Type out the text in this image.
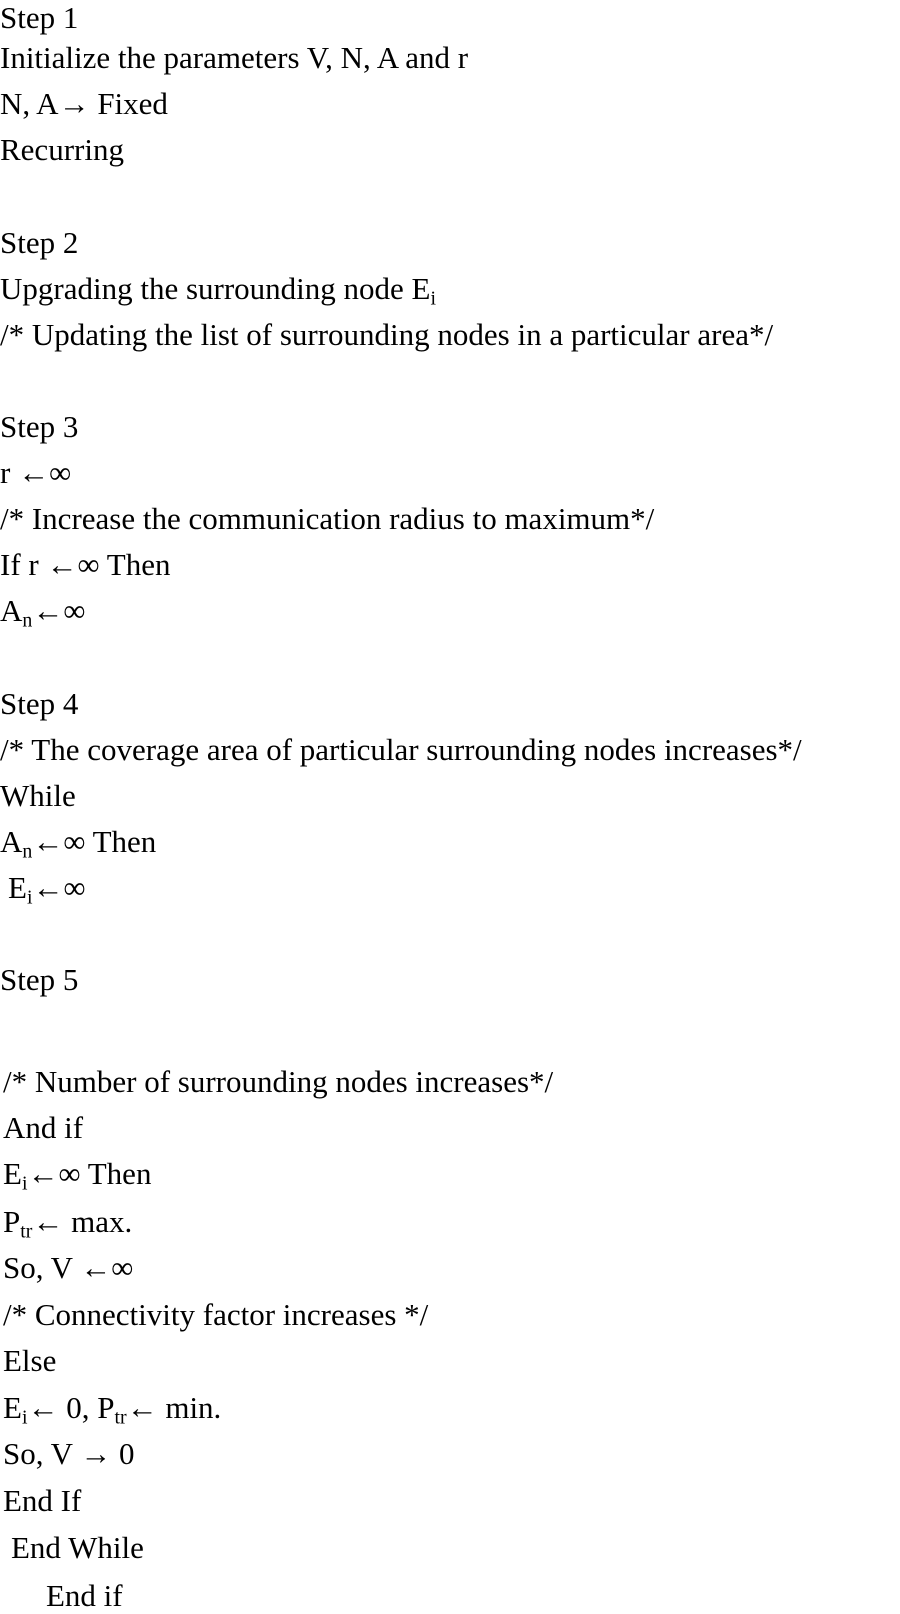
Step 1
Initialize the parameters V, N, A and r
N, A→ Fixed
Recurring
Step 2
Upgrading the surrounding node $E_i$
/* Updating the list of surrounding nodes in a particular area*/
Step 3
r ←∞
/* Increase the communication radius to maximum*/
If r ←∞ Then
$A_n\leftarrow\infty$
Step 4
/* The coverage area of particular surrounding nodes increases*/
While
$A_n\leftarrow\infty$ Then
$E_i\leftarrow\infty$
Step 5
/* Number of surrounding nodes increases*/
And if
$E_i\leftarrow\infty$ Then
$P_{tr}\leftarrow$ max.
So, V ←∞
/* Connectivity factor increases */
Else
$E_i\leftarrow$ 0, $P_{tr}\leftarrow$ min.
So, V → 0
End If
End While
End if
